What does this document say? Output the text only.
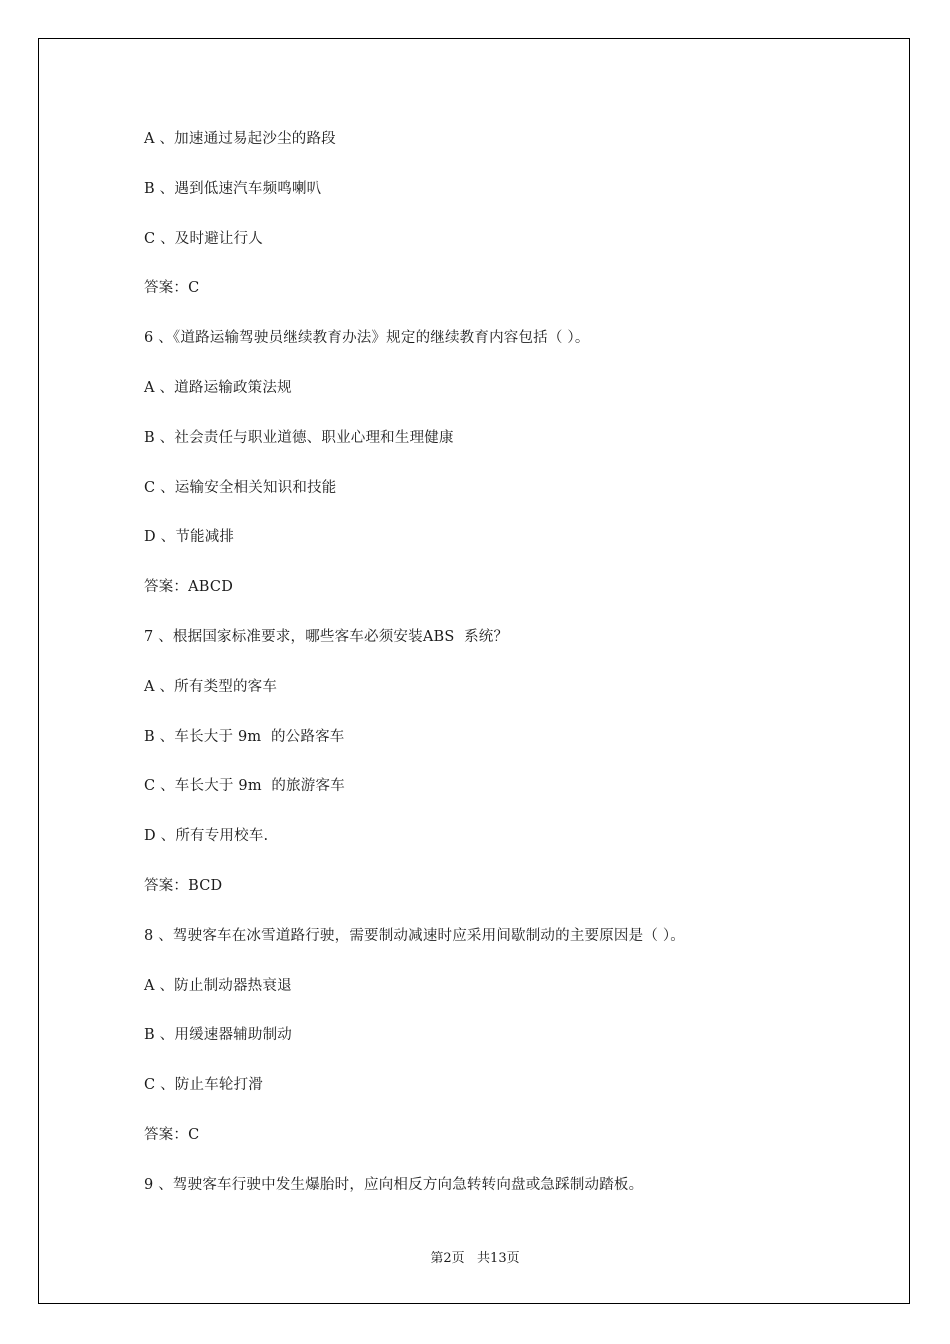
A 、加速通过易起沙尘的路段
B 、遇到低速汽车频鸣喇叭
C 、及时避让行人
答案：C
6 、《道路运输驾驶员继续教育办法》规定的继续教育内容包括（ ）。
A 、道路运输政策法规
B 、社会责任与职业道德、职业心理和生理健康
C 、运输安全相关知识和技能
D 、节能减排
答案：ABCD
7 、根据国家标准要求，哪些客车必须安装ABS  系统？
A 、所有类型的客车
B 、车长大于 9m  的公路客车
C 、车长大于 9m  的旅游客车
D 、所有专用校车.
答案：BCD
8 、驾驶客车在冰雪道路行驶，需要制动减速时应采用间歇制动的主要原因是（ ）。
A 、防止制动器热衰退
B 、用缓速器辅助制动
C 、防止车轮打滑
答案：C
9 、驾驶客车行驶中发生爆胎时，应向相反方向急转转向盘或急踩制动踏板。
第2页   共13页
